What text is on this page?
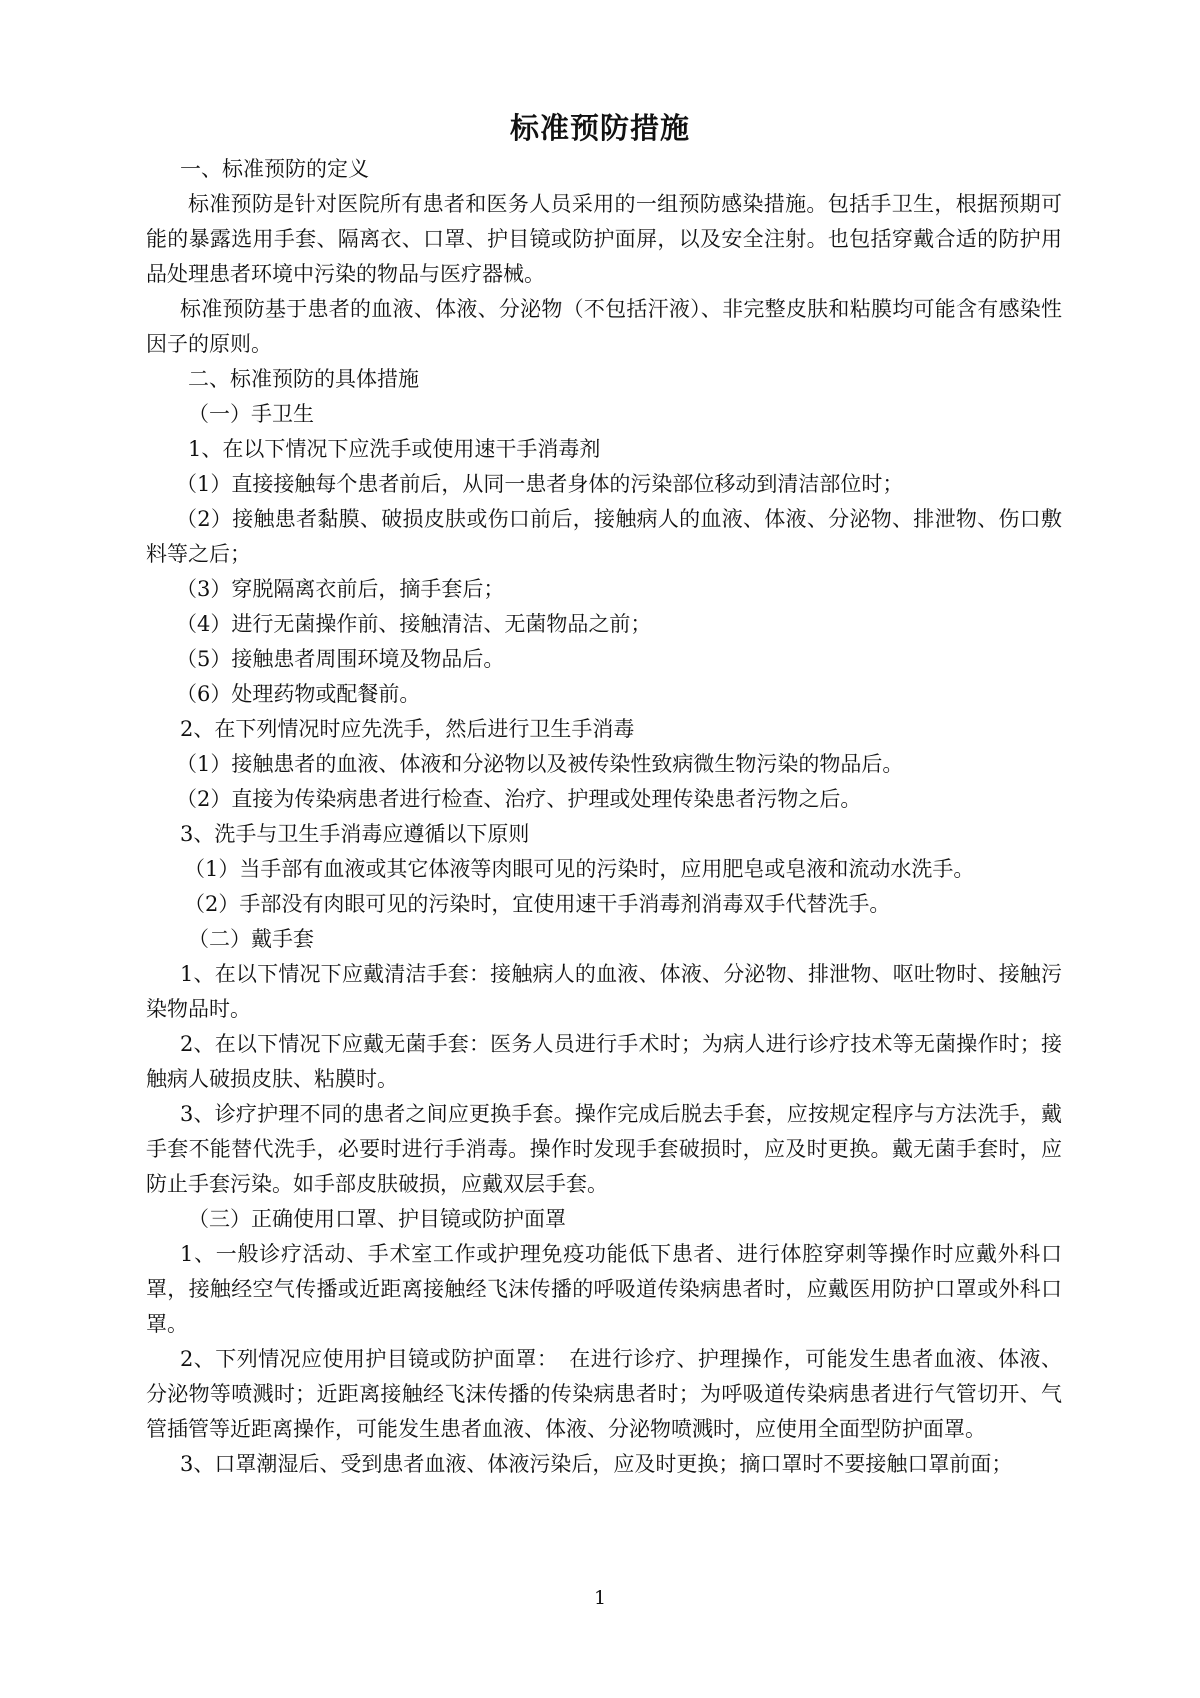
标准预防措施

一、标准预防的定义

标准预防是针对医院所有患者和医务人员采用的一组预防感染措施。包括手卫生，根据预期可能的暴露选用手套、隔离衣、口罩、护目镜或防护面屏，以及安全注射。也包括穿戴合适的防护用品处理患者环境中污染的物品与医疗器械。

标准预防基于患者的血液、体液、分泌物（不包括汗液）、非完整皮肤和粘膜均可能含有感染性因子的原则。

二、标准预防的具体措施

（一）手卫生

1、在以下情况下应洗手或使用速干手消毒剂

（1）直接接触每个患者前后，从同一患者身体的污染部位移动到清洁部位时；

（2）接触患者黏膜、破损皮肤或伤口前后，接触病人的血液、体液、分泌物、排泄物、伤口敷料等之后；

（3）穿脱隔离衣前后，摘手套后；

（4）进行无菌操作前、接触清洁、无菌物品之前；

（5）接触患者周围环境及物品后。

（6）处理药物或配餐前。

2、在下列情况时应先洗手，然后进行卫生手消毒

（1）接触患者的血液、体液和分泌物以及被传染性致病微生物污染的物品后。

（2）直接为传染病患者进行检查、治疗、护理或处理传染患者污物之后。

3、洗手与卫生手消毒应遵循以下原则

（1）当手部有血液或其它体液等肉眼可见的污染时，应用肥皂或皂液和流动水洗手。

（2）手部没有肉眼可见的污染时，宜使用速干手消毒剂消毒双手代替洗手。

（二）戴手套

1、在以下情况下应戴清洁手套：接触病人的血液、体液、分泌物、排泄物、呕吐物时、接触污染物品时。

2、在以下情况下应戴无菌手套：医务人员进行手术时；为病人进行诊疗技术等无菌操作时；接触病人破损皮肤、粘膜时。

3、诊疗护理不同的患者之间应更换手套。操作完成后脱去手套，应按规定程序与方法洗手，戴手套不能替代洗手，必要时进行手消毒。操作时发现手套破损时，应及时更换。戴无菌手套时，应防止手套污染。如手部皮肤破损，应戴双层手套。

（三）正确使用口罩、护目镜或防护面罩

1、一般诊疗活动、手术室工作或护理免疫功能低下患者、进行体腔穿刺等操作时应戴外科口罩，接触经空气传播或近距离接触经飞沫传播的呼吸道传染病患者时，应戴医用防护口罩或外科口罩。

2、下列情况应使用护目镜或防护面罩：　在进行诊疗、护理操作，可能发生患者血液、体液、分泌物等喷溅时；近距离接触经飞沫传播的传染病患者时；为呼吸道传染病患者进行气管切开、气管插管等近距离操作，可能发生患者血液、体液、分泌物喷溅时，应使用全面型防护面罩。

3、口罩潮湿后、受到患者血液、体液污染后，应及时更换；摘口罩时不要接触口罩前面；

1
